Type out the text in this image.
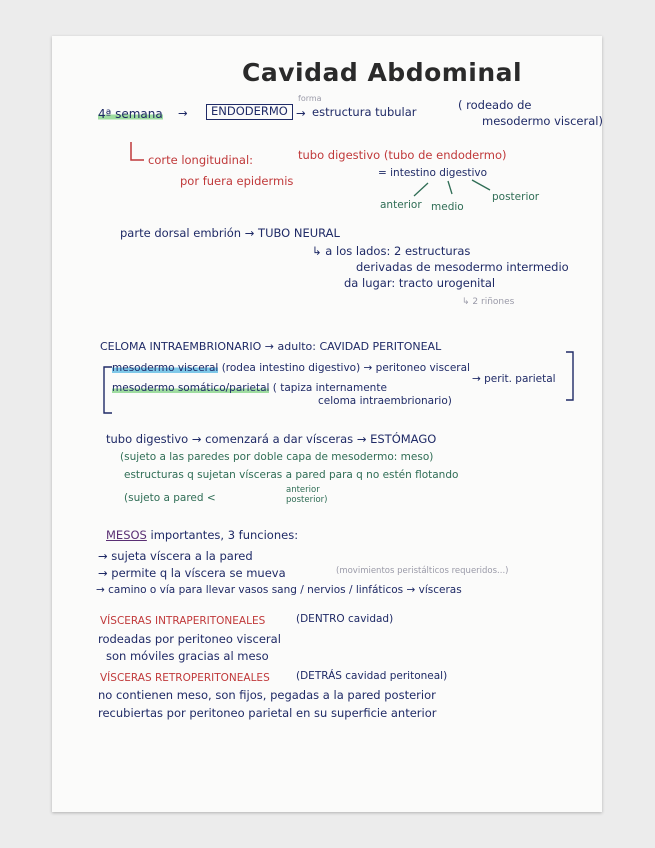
Cavidad Abdominal
4ª semana →	ENDODERMO
forma
→ estructura tubular	( rodeado de
mesodermo visceral)
corte longitudinal:	tubo digestivo (tubo de endodermo)
por fuera epidermis
= intestino digestivo
anterior medio
posterior
parte dorsal embrión → TUBO NEURAL
↳ a los lados: 2 estructuras
derivadas de mesodermo intermedio
da lugar: tracto urogenital
↳ 2 riñones
CELOMA INTRAEMBRIONARIO → adulto: CAVIDAD PERITONEAL
mesodermo visceral (rodea intestino digestivo) → peritoneo visceral
mesodermo somático/parietal ( tapiza internamente
celoma intraembrionario)
→ perit. parietal
tubo digestivo → comenzará a dar vísceras → ESTÓMAGO
(sujeto a las paredes por doble capa de mesodermo: meso)
estructuras q sujetan vísceras a pared para q no estén flotando
(sujeto a pared <
anterior
posterior)
MESOS importantes, 3 funciones:
→ sujeta víscera a la pared
→ permite q la víscera se mueva	(movimientos peristálticos requeridos...)
→ camino o vía para llevar vasos sang / nervios / linfáticos → vísceras
VÍSCERAS INTRAPERITONEALES	(DENTRO cavidad)
rodeadas por peritoneo visceral
son móviles gracias al meso
VÍSCERAS RETROPERITONEALES	(DETRÁS cavidad peritoneal)
no contienen meso, son fijos, pegadas a la pared posterior
recubiertas por peritoneo parietal en su superficie anterior
